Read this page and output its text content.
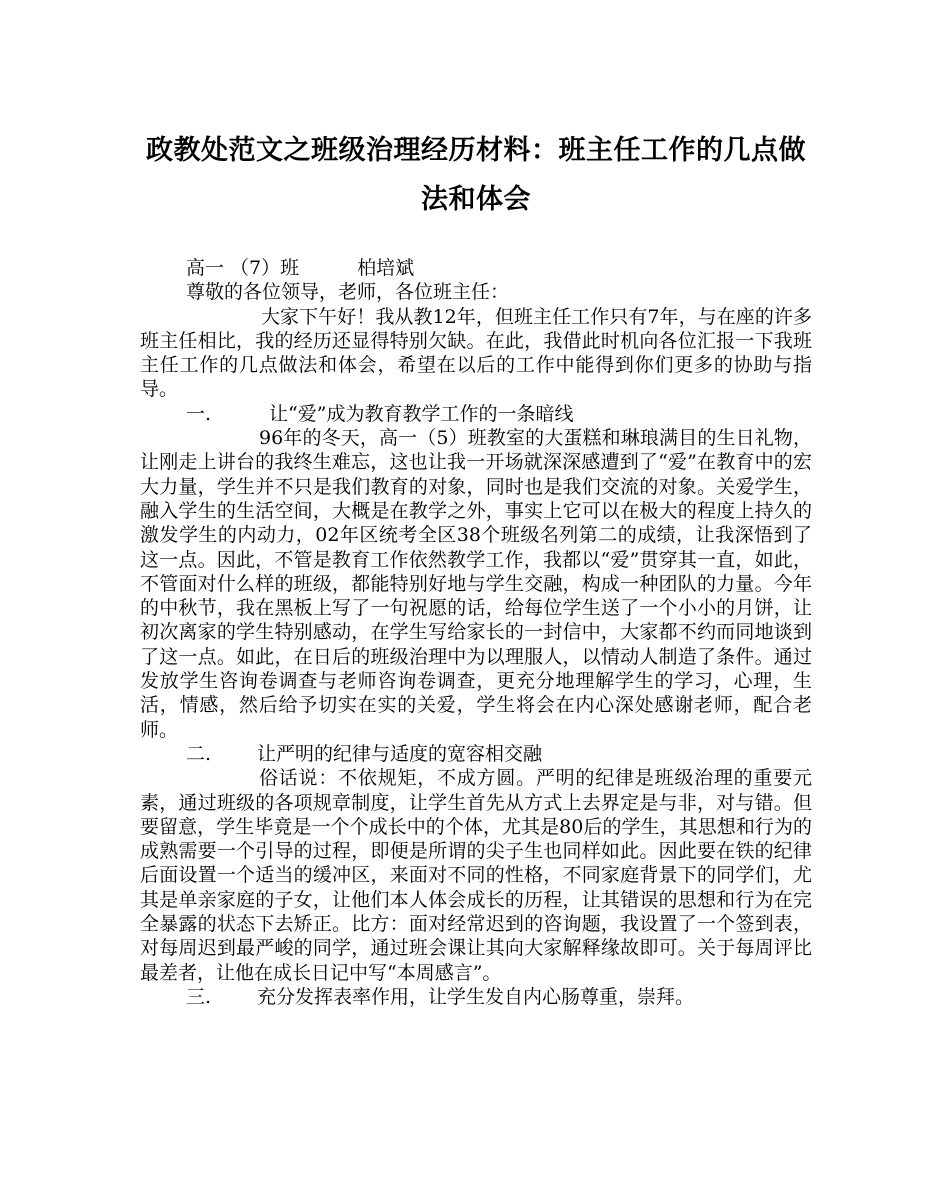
政教处范文之班级治理经历材料：班主任工作的几点做法和体会

高一 （7）班	柏培斌

尊敬的各位领导，老师，各位班主任：

大家下午好！我从教12年，但班主任工作只有7年，与在座的许多班主任相比，我的经历还显得特别欠缺。在此，我借此时机向各位汇报一下我班主任工作的几点做法和体会，希望在以后的工作中能得到你们更多的协助与指导。

一.	让“爱”成为教育教学工作的一条暗线

96年的冬天，高一（5）班教室的大蛋糕和琳琅满目的生日礼物，让刚走上讲台的我终生难忘，这也让我一开场就深深感遭到了“爱”在教育中的宏大力量，学生并不只是我们教育的对象，同时也是我们交流的对象。关爱学生，融入学生的生活空间，大概是在教学之外，事实上它可以在极大的程度上持久的激发学生的内动力，02年区统考全区38个班级名列第二的成绩，让我深悟到了这一点。因此，不管是教育工作依然教学工作，我都以“爱”贯穿其一直，如此，不管面对什么样的班级，都能特别好地与学生交融，构成一种团队的力量。今年的中秋节，我在黑板上写了一句祝愿的话，给每位学生送了一个小小的月饼，让初次离家的学生特别感动，在学生写给家长的一封信中，大家都不约而同地谈到了这一点。如此，在日后的班级治理中为以理服人，以情动人制造了条件。通过发放学生咨询卷调查与老师咨询卷调查，更充分地理解学生的学习，心理，生活，情感，然后给予切实在实的关爱，学生将会在内心深处感谢老师，配合老师。

二. 让严明的纪律与适度的宽容相交融

俗话说：不依规矩，不成方圆。严明的纪律是班级治理的重要元素，通过班级的各项规章制度，让学生首先从方式上去界定是与非，对与错。但要留意，学生毕竟是一个个成长中的个体，尤其是80后的学生，其思想和行为的成熟需要一个引导的过程，即便是所谓的尖子生也同样如此。因此要在铁的纪律后面设置一个适当的缓冲区，来面对不同的性格，不同家庭背景下的同学们，尤其是单亲家庭的子女，让他们本人体会成长的历程，让其错误的思想和行为在完全暴露的状态下去矫正。比方：面对经常迟到的咨询题，我设置了一个签到表，对每周迟到最严峻的同学，通过班会课让其向大家解释缘故即可。关于每周评比最差者，让他在成长日记中写“本周感言”。

三. 充分发挥表率作用，让学生发自内心肠尊重，崇拜。
